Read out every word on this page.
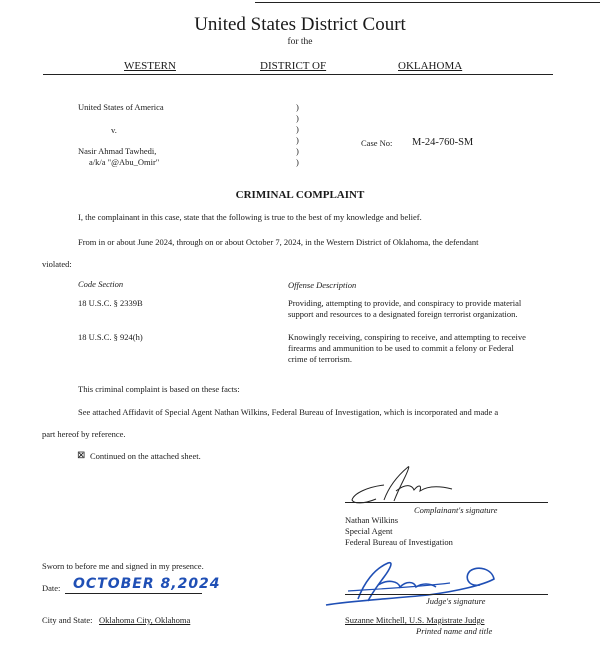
United States District Court
for the
WESTERN	DISTRICT OF	OKLAHOMA
United States of America
v.
Nasir Ahmad Tawhedi,
a/k/a "@Abu_Omir"
)
)
)
)
)
)
Case No: M-24-760-SM
CRIMINAL COMPLAINT
I, the complainant in this case, state that the following is true to the best of my knowledge and belief.
From in or about June 2024, through on or about October 7, 2024, in the Western District of Oklahoma, the defendant
violated:
Code Section	Offense Description
18 U.S.C. § 2339B	Providing, attempting to provide, and conspiracy to provide material
support and resources to a designated foreign terrorist organization.
18 U.S.C. § 924(h)	Knowingly receiving, conspiring to receive, and attempting to receive
firearms and ammunition to be used to commit a felony or Federal
crime of terrorism.
This criminal complaint is based on these facts:
See attached Affidavit of Special Agent Nathan Wilkins, Federal Bureau of Investigation, which is incorporated and made a
part hereof by reference.
⊠ Continued on the attached sheet.
Complainant's signature
Nathan Wilkins
Special Agent
Federal Bureau of Investigation
Sworn to before me and signed in my presence.
Date: OCTOBER 8,2024
City and State: Oklahoma City, Oklahoma
Judge's signature
Suzanne Mitchell, U.S. Magistrate Judge
Printed name and title
